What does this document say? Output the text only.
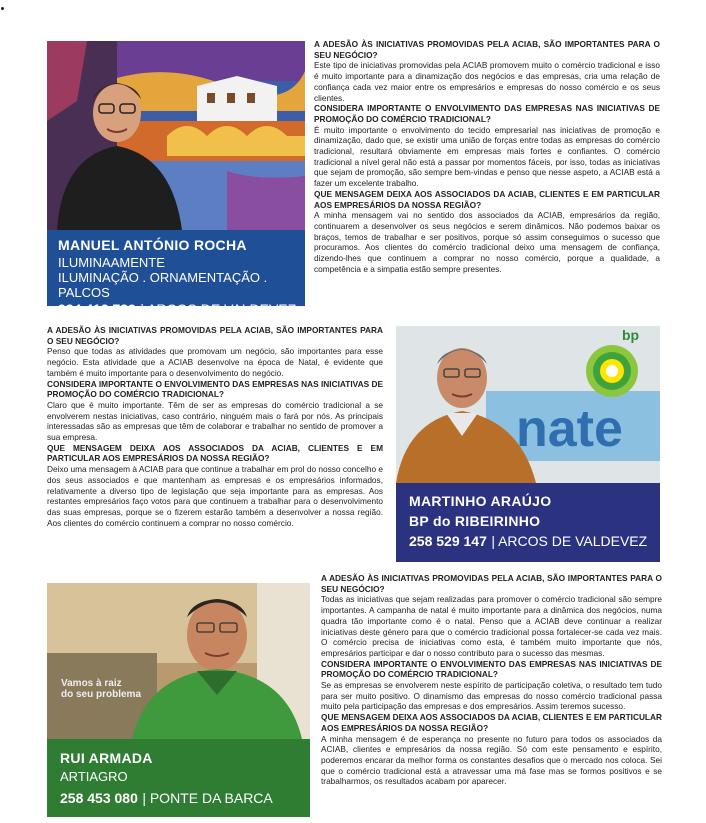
MANUEL ANTÓNIO ROCHA
ILUMINAAMENTE
ILUMINAÇÃO . ORNAMENTAÇÃO . PALCOS
934 412 789 | ARCOS DE VALDEVEZ

A ADESÃO ÀS INICIATIVAS PROMOVIDAS PELA ACIAB, SÃO IMPORTANTES PARA O SEU NEGÓCIO?

Este tipo de iniciativas promovidas pela ACIAB promovem muito o comércio tradicional e isso é muito importante para a dinamização dos negócios e das empresas, cria uma relação de confiança cada vez maior entre os empresários e empresas do nosso comércio e os seus clientes.

CONSIDERA IMPORTANTE O ENVOLVIMENTO DAS EMPRESAS NAS INICIATIVAS DE PROMOÇÃO DO COMÉRCIO TRADICIONAL?

É muito importante o envolvimento do tecido empresarial nas iniciativas de promoção e dinamização, dado que, se existir uma união de forças entre todas as empresas do comércio tradicional, resultará obviamente em empresas mais fortes e confiantes. O comércio tradicional a nível geral não está a passar por momentos fáceis, por isso, todas as iniciativas que sejam de promoção, são sempre bem-vindas e penso que nesse aspeto, a ACIAB está a fazer um excelente trabalho.

QUE MENSAGEM DEIXA AOS ASSOCIADOS DA ACIAB, CLIENTES E EM PARTICULAR AOS EMPRESÁRIOS DA NOSSA REGIÃO?

A minha mensagem vai no sentido dos associados da ACIAB, empresários da região, continuarem a desenvolver os seus negócios e serem dinâmicos. Não podemos baixar os braços, temos de trabalhar e ser positivos, porque só assim conseguimos o sucesso que procuramos. Aos clientes do comércio tradicional deixo uma mensagem de confiança, dizendo-lhes que continuem a comprar no nosso comércio, porque a qualidade, a competência e a simpatia estão sempre presentes.

A ADESÃO ÀS INICIATIVAS PROMOVIDAS PELA ACIAB, SÃO IMPORTANTES PARA O SEU NEGÓCIO?

Penso que todas as atividades que promovam um negócio, são importantes para esse negócio. Esta atividade que a ACIAB desenvolve na época de Natal, é evidente que também é muito importante para o desenvolvimento do negócio.

CONSIDERA IMPORTANTE O ENVOLVIMENTO DAS EMPRESAS NAS INICIATIVAS DE PROMOÇÃO DO COMÉRCIO TRADICIONAL?

Claro que é muito importante. Têm de ser as empresas do comércio tradicional a se envolverem nestas iniciativas, caso contrário, ninguém mais o fará por nós. As principais interessadas são as empresas que têm de colaborar e trabalhar no sentido de promover a sua empresa.

QUE MENSAGEM DEIXA AOS ASSOCIADOS DA ACIAB, CLIENTES E EM PARTICULAR AOS EMPRESÁRIOS DA NOSSA REGIÃO?

Deixo uma mensagem à ACIAB para que continue a trabalhar em prol do nosso concelho e dos seus associados e que mantenham as empresas e os empresários informados, relativamente a diverso tipo de legislação que seja importante para as empresas. Aos restantes empresários faço votos para que continuem a trabalhar para o desenvolvimento das suas empresas, porque se o fizerem estarão também a desenvolver a nossa região. Aos clientes do comércio continuem a comprar no nosso comércio.

nate
bp
MARTINHO ARAÚJO
BP do RIBEIRINHO
258 529 147 | ARCOS DE VALDEVEZ
Vamos à raiz
do seu problema
RUI ARMADA
ARTIAGRO
258 453 080 | PONTE DA BARCA

A ADESÃO ÀS INICIATIVAS PROMOVIDAS PELA ACIAB, SÃO IMPORTANTES PARA O SEU NEGÓCIO?

Todas as iniciativas que sejam realizadas para promover o comércio tradicional são sempre importantes. A campanha de natal é muito importante para a dinâmica dos negócios, numa quadra tão importante como é o natal. Penso que a ACIAB deve continuar a realizar iniciativas deste género para que o comércio tradicional possa fortalecer-se cada vez mais. O comércio precisa de iniciativas como esta, é também muito importante que nós, empresários participar e dar o nosso contributo para o sucesso das mesmas.

CONSIDERA IMPORTANTE O ENVOLVIMENTO DAS EMPRESAS NAS INICIATIVAS DE PROMOÇÃO DO COMÉRCIO TRADICIONAL?

Se as empresas se envolverem neste espírito de participação coletiva, o resultado tem tudo para ser muito positivo. O dinamismo das empresas do nosso comércio tradicional passa muito pela participação das empresas e dos empresários. Assim teremos sucesso.

QUE MENSAGEM DEIXA AOS ASSOCIADOS DA ACIAB, CLIENTES E EM PARTICULAR AOS EMPRESÁRIOS DA NOSSA REGIÃO?

A minha mensagem é de esperança no presente no futuro para todos os associados da ACIAB, clientes e empresários da nossa região. Só com este pensamento e espírito, poderemos encarar da melhor forma os constantes desafios que o mercado nos coloca. Sei que o comércio tradicional está a atravessar uma má fase mas se formos positivos e se trabalharmos, os resultados acabam por aparecer.
